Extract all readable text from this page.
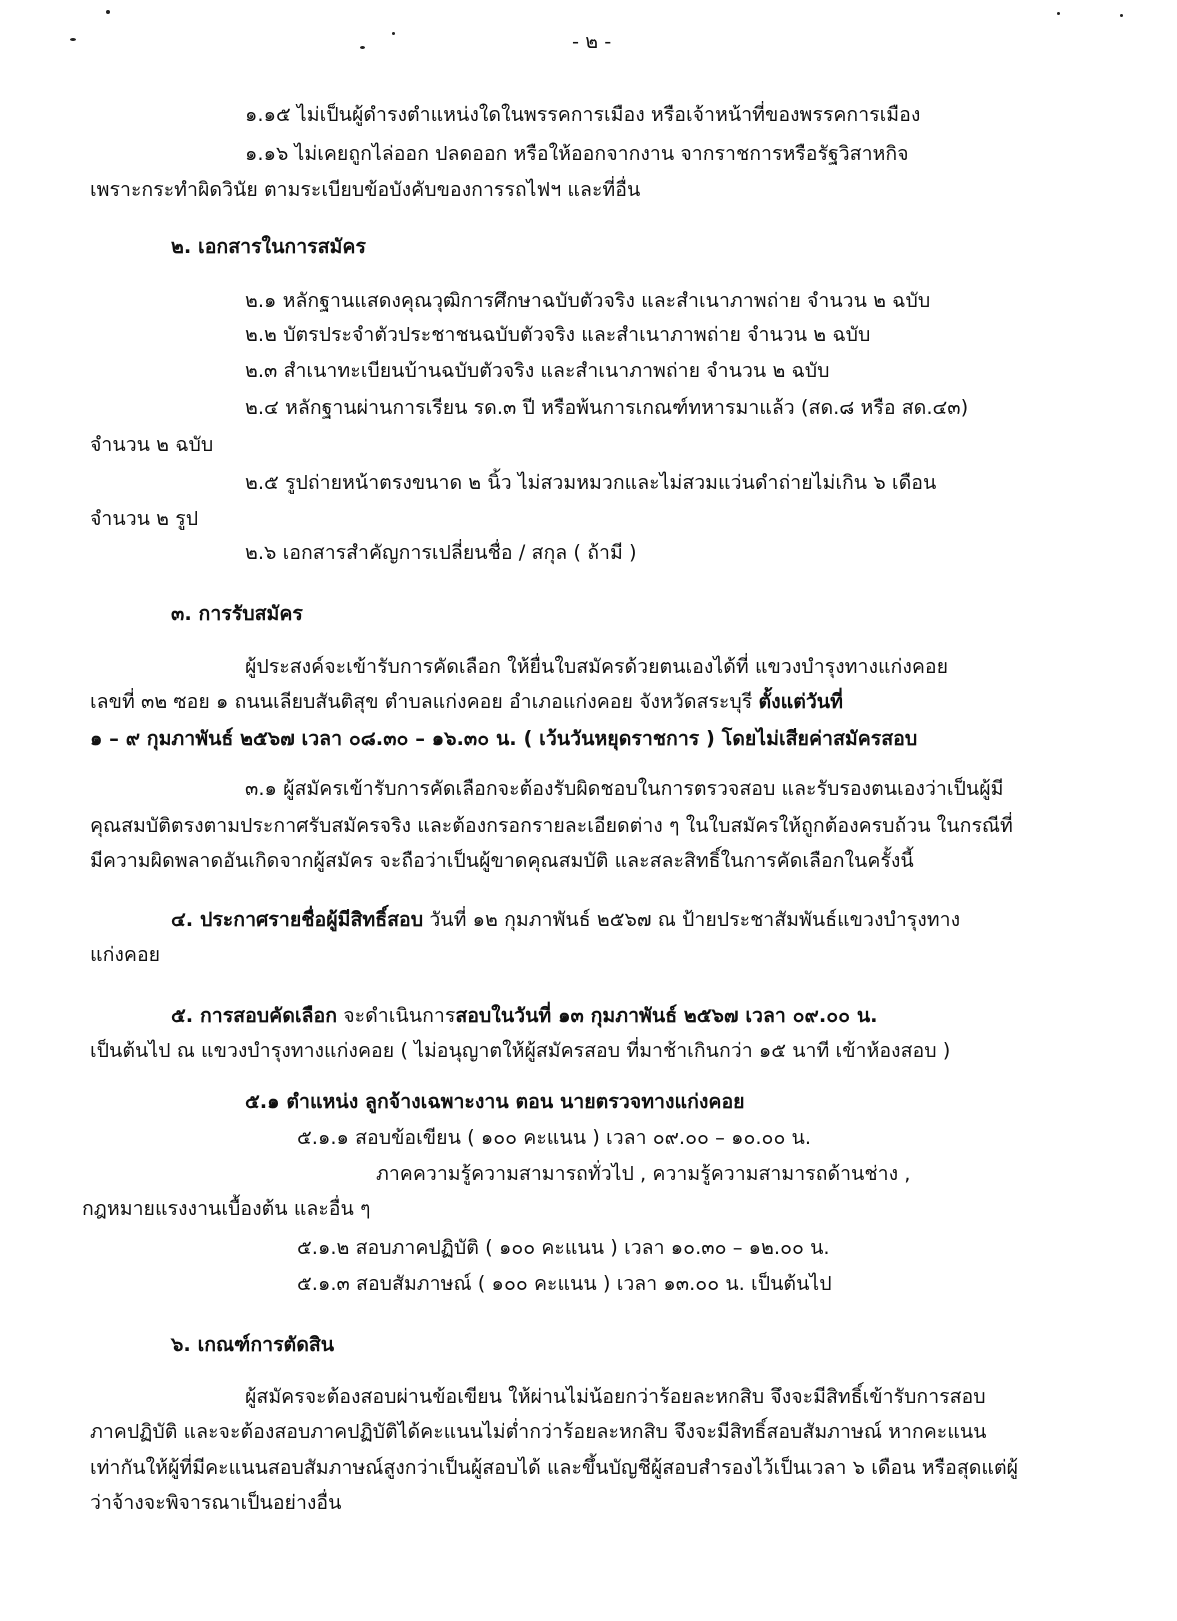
- ๒ -
๑.๑๕ ไม่เป็นผู้ดำรงตำแหน่งใดในพรรคการเมือง หรือเจ้าหน้าที่ของพรรคการเมือง
๑.๑๖ ไม่เคยถูกไล่ออก ปลดออก หรือให้ออกจากงาน จากราชการหรือรัฐวิสาหกิจ
เพราะกระทำผิดวินัย ตามระเบียบข้อบังคับของการรถไฟฯ และที่อื่น
๒. เอกสารในการสมัคร
๒.๑ หลักฐานแสดงคุณวุฒิการศึกษาฉบับตัวจริง และสำเนาภาพถ่าย จำนวน ๒ ฉบับ
๒.๒ บัตรประจำตัวประชาชนฉบับตัวจริง และสำเนาภาพถ่าย จำนวน ๒ ฉบับ
๒.๓ สำเนาทะเบียนบ้านฉบับตัวจริง และสำเนาภาพถ่าย จำนวน ๒ ฉบับ
๒.๔ หลักฐานผ่านการเรียน รด.๓ ปี หรือพ้นการเกณฑ์ทหารมาแล้ว (สด.๘ หรือ สด.๔๓)
จำนวน ๒ ฉบับ
๒.๕ รูปถ่ายหน้าตรงขนาด ๒ นิ้ว ไม่สวมหมวกและไม่สวมแว่นดำถ่ายไม่เกิน ๖ เดือน
จำนวน ๒ รูป
๒.๖ เอกสารสำคัญการเปลี่ยนชื่อ / สกุล ( ถ้ามี )
๓. การรับสมัคร
ผู้ประสงค์จะเข้ารับการคัดเลือก ให้ยื่นใบสมัครด้วยตนเองได้ที่ แขวงบำรุงทางแก่งคอย
เลขที่ ๓๒ ซอย ๑ ถนนเลียบสันติสุข ตำบลแก่งคอย อำเภอแก่งคอย จังหวัดสระบุรี ตั้งแต่วันที่
๑ – ๙ กุมภาพันธ์ ๒๕๖๗ เวลา ๐๘.๓๐ – ๑๖.๓๐ น. ( เว้นวันหยุดราชการ ) โดยไม่เสียค่าสมัครสอบ
๓.๑ ผู้สมัครเข้ารับการคัดเลือกจะต้องรับผิดชอบในการตรวจสอบ และรับรองตนเองว่าเป็นผู้มี
คุณสมบัติตรงตามประกาศรับสมัครจริง และต้องกรอกรายละเอียดต่าง ๆ ในใบสมัครให้ถูกต้องครบถ้วน ในกรณีที่
มีความผิดพลาดอันเกิดจากผู้สมัคร จะถือว่าเป็นผู้ขาดคุณสมบัติ และสละสิทธิ์ในการคัดเลือกในครั้งนี้
๔. ประกาศรายชื่อผู้มีสิทธิ์สอบ วันที่ ๑๒ กุมภาพันธ์ ๒๕๖๗ ณ ป้ายประชาสัมพันธ์แขวงบำรุงทาง
แก่งคอย
๕. การสอบคัดเลือก จะดำเนินการสอบในวันที่ ๑๓ กุมภาพันธ์ ๒๕๖๗ เวลา ๐๙.๐๐ น.
เป็นต้นไป ณ แขวงบำรุงทางแก่งคอย ( ไม่อนุญาตให้ผู้สมัครสอบ ที่มาช้าเกินกว่า ๑๕ นาที เข้าห้องสอบ )
๕.๑ ตำแหน่ง ลูกจ้างเฉพาะงาน ตอน นายตรวจทางแก่งคอย
๕.๑.๑ สอบข้อเขียน ( ๑๐๐ คะแนน ) เวลา ๐๙.๐๐ – ๑๐.๐๐ น.
ภาคความรู้ความสามารถทั่วไป , ความรู้ความสามารถด้านช่าง ,
กฎหมายแรงงานเบื้องต้น และอื่น ๆ
๕.๑.๒ สอบภาคปฏิบัติ ( ๑๐๐ คะแนน ) เวลา ๑๐.๓๐ – ๑๒.๐๐ น.
๕.๑.๓ สอบสัมภาษณ์ ( ๑๐๐ คะแนน ) เวลา ๑๓.๐๐ น. เป็นต้นไป
๖. เกณฑ์การตัดสิน
ผู้สมัครจะต้องสอบผ่านข้อเขียน ให้ผ่านไม่น้อยกว่าร้อยละหกสิบ จึงจะมีสิทธิ์เข้ารับการสอบ
ภาคปฏิบัติ และจะต้องสอบภาคปฏิบัติได้คะแนนไม่ต่ำกว่าร้อยละหกสิบ จึงจะมีสิทธิ์สอบสัมภาษณ์ หากคะแนน
เท่ากันให้ผู้ที่มีคะแนนสอบสัมภาษณ์สูงกว่าเป็นผู้สอบได้ และขึ้นบัญชีผู้สอบสำรองไว้เป็นเวลา ๖ เดือน หรือสุดแต่ผู้
ว่าจ้างจะพิจารณาเป็นอย่างอื่น
